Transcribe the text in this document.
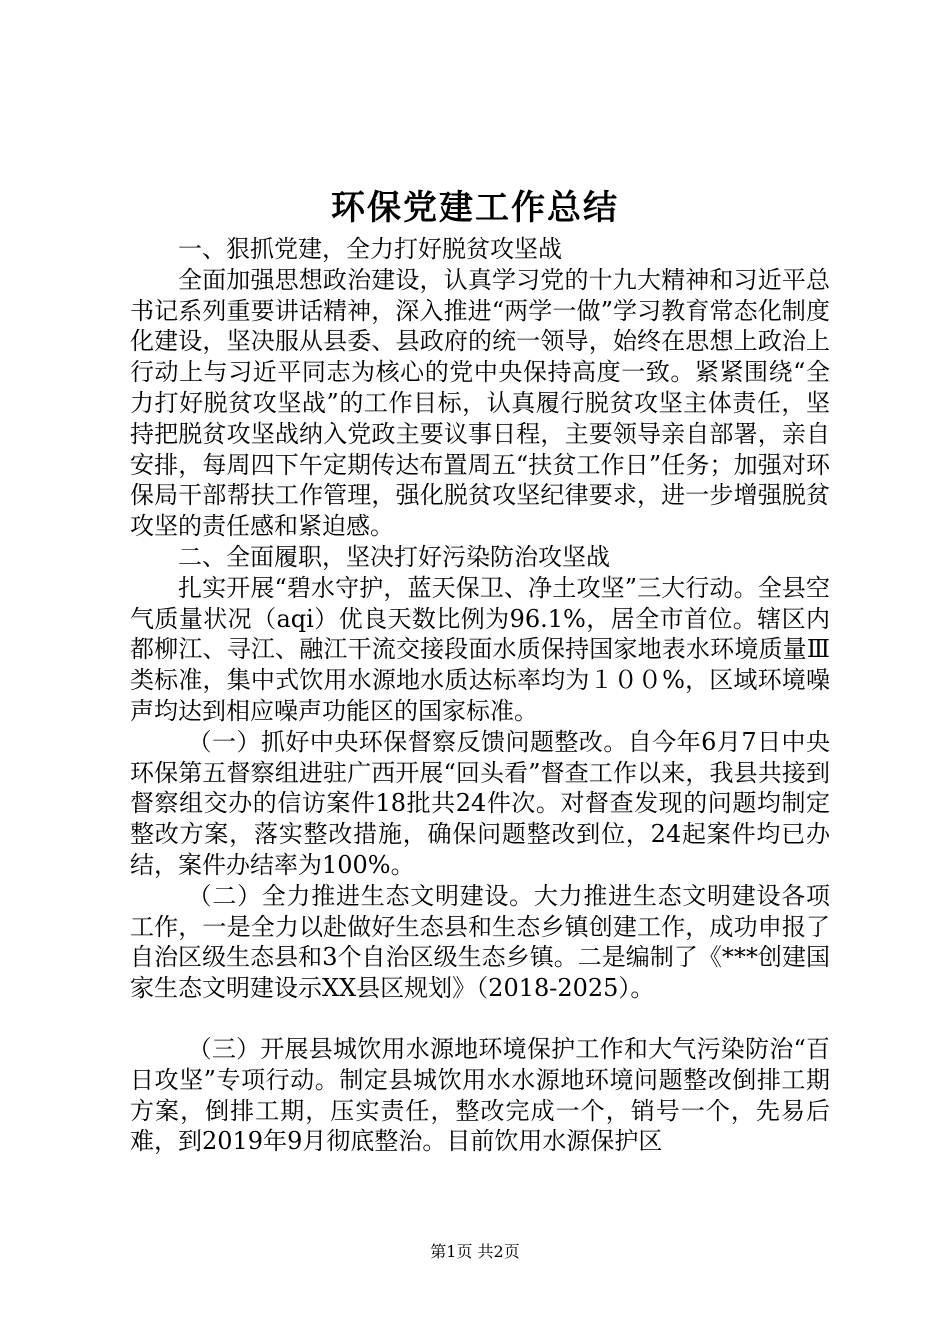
环保党建工作总结

一、狠抓党建，全力打好脱贫攻坚战

全面加强思想政治建设，认真学习党的十九大精神和习近平总书记系列重要讲话精神，深入推进“两学一做”学习教育常态化制度化建设，坚决服从县委、县政府的统一领导，始终在思想上政治上行动上与习近平同志为核心的党中央保持高度一致。紧紧围绕“全力打好脱贫攻坚战”的工作目标，认真履行脱贫攻坚主体责任，坚持把脱贫攻坚战纳入党政主要议事日程，主要领导亲自部署，亲自安排，每周四下午定期传达布置周五“扶贫工作日”任务；加强对环保局干部帮扶工作管理，强化脱贫攻坚纪律要求，进一步增强脱贫攻坚的责任感和紧迫感。

二、全面履职，坚决打好污染防治攻坚战

扎实开展“碧水守护，蓝天保卫、净土攻坚”三大行动。全县空气质量状况（aqi）优良天数比例为96.1%，居全市首位。辖区内都柳江、寻江、融江干流交接段面水质保持国家地表水环境质量Ⅲ类标准，集中式饮用水源地水质达标率均为１００%，区域环境噪声均达到相应噪声功能区的国家标准。

（一）抓好中央环保督察反馈问题整改。自今年6月7日中央环保第五督察组进驻广西开展“回头看”督查工作以来，我县共接到督察组交办的信访案件18批共24件次。对督查发现的问题均制定整改方案，落实整改措施，确保问题整改到位，24起案件均已办结，案件办结率为100%。

（二）全力推进生态文明建设。大力推进生态文明建设各项工作，一是全力以赴做好生态县和生态乡镇创建工作，成功申报了自治区级生态县和3个自治区级生态乡镇。二是编制了《***创建国家生态文明建设示XX县区规划》（2018-2025）。

（三）开展县城饮用水源地环境保护工作和大气污染防治“百日攻坚”专项行动。制定县城饮用水水源地环境问题整改倒排工期方案，倒排工期，压实责任，整改完成一个，销号一个，先易后难，到2019年9月彻底整治。目前饮用水源保护区

第1页 共2页
